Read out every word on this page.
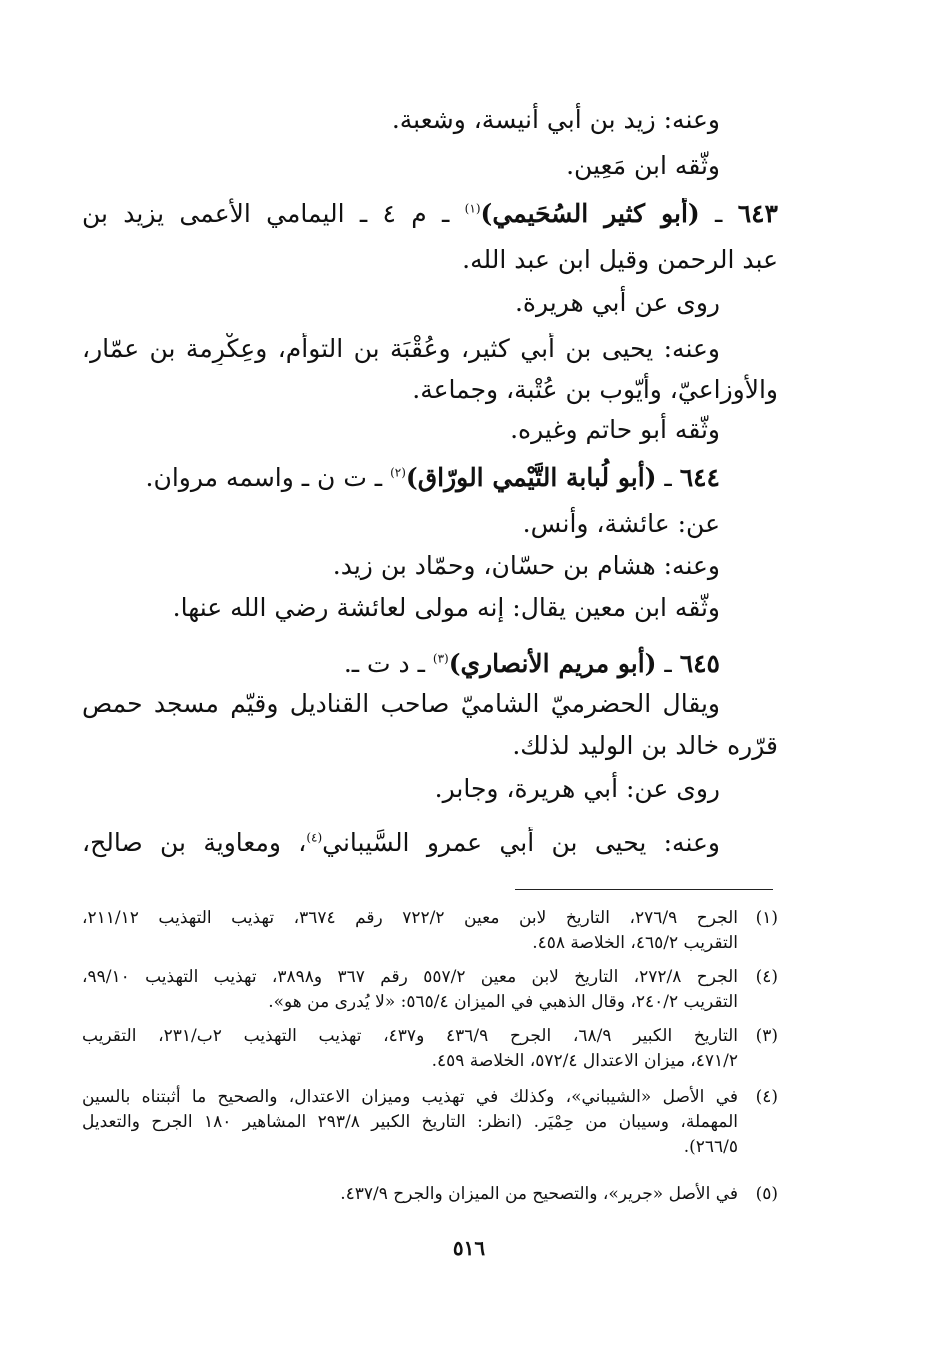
وعنه: زيد بن أبي أنيسة، وشعبة.
وثّقه ابن مَعِين.
٦٤٣ ـ (أبو كثير السُحَيمي)$^{(١)}$ ـ م ٤ ـ اليمامي الأعمى يزيد بن
عبد الرحمن وقيل ابن عبد الله.
روى عن أبي هريرة.
وعنه: يحيى بن أبي كثير، وعُقْبَة بن التوأم، وعِكْرِمة بن عمّار،
والأوزاعيّ، وأيّوب بن عُتْبة، وجماعة.
وثّقه أبو حاتم وغيره.
٦٤٤ ـ (أبو لُبابة التَّيْمي الورّاق)$^{(٢)}$ ـ ت ن ـ واسمه مروان.
عن: عائشة، وأنس.
وعنه: هشام بن حسّان، وحمّاد بن زيد.
وثّقه ابن معين يقال: إنه مولى لعائشة رضي الله عنها.
٦٤٥ ـ (أبو مريم الأنصاري)$^{(٣)}$ ـ د ت ـ.
ويقال الحضرميّ الشاميّ صاحب القناديل وقيّم مسجد حمص
قرّره خالد بن الوليد لذلك.
روى عن: أبي هريرة، وجابر.
وعنه: يحيى بن أبي عمرو السَّيباني$^{(٤)}$، ومعاوية بن صالح،
(١)
الجرح ٢٧٦/٩، التاريخ لابن معين ٧٢٢/٢ رقم ٣٦٧٤، تهذيب التهذيب ٢١١/١٢،
التقريب ٤٦٥/٢، الخلاصة ٤٥٨.
(٤)
الجرح ٢٧٢/٨، التاريخ لابن معين ٥٥٧/٢ رقم ٣٦٧ و٣٨٩٨، تهذيب التهذيب ٩٩/١٠،
التقريب ٢٤٠/٢، وقال الذهبي في الميزان ٥٦٥/٤: «لا يُدرى من هو».
(٣)
التاريخ الكبير ٦٨/٩، الجرح ٤٣٦/٩ و٤٣٧، تهذيب التهذيب ٢ب/٢٣١، التقريب
٤٧١/٢، ميزان الاعتدال ٥٧٢/٤، الخلاصة ٤٥٩.
(٤)
في الأصل «الشيباني»، وكذلك في تهذيب وميزان الاعتدال، والصحيح ما أثبتناه بالسين
المهملة، وسيبان من حِمْيَر. (انظر: التاريخ الكبير ٢٩٣/٨ المشاهير ١٨٠ الجرح والتعديل
٢٦٦/٥).
(٥)
في الأصل «جرير»، والتصحيح من الميزان والجرح ٤٣٧/٩.
٥١٦
